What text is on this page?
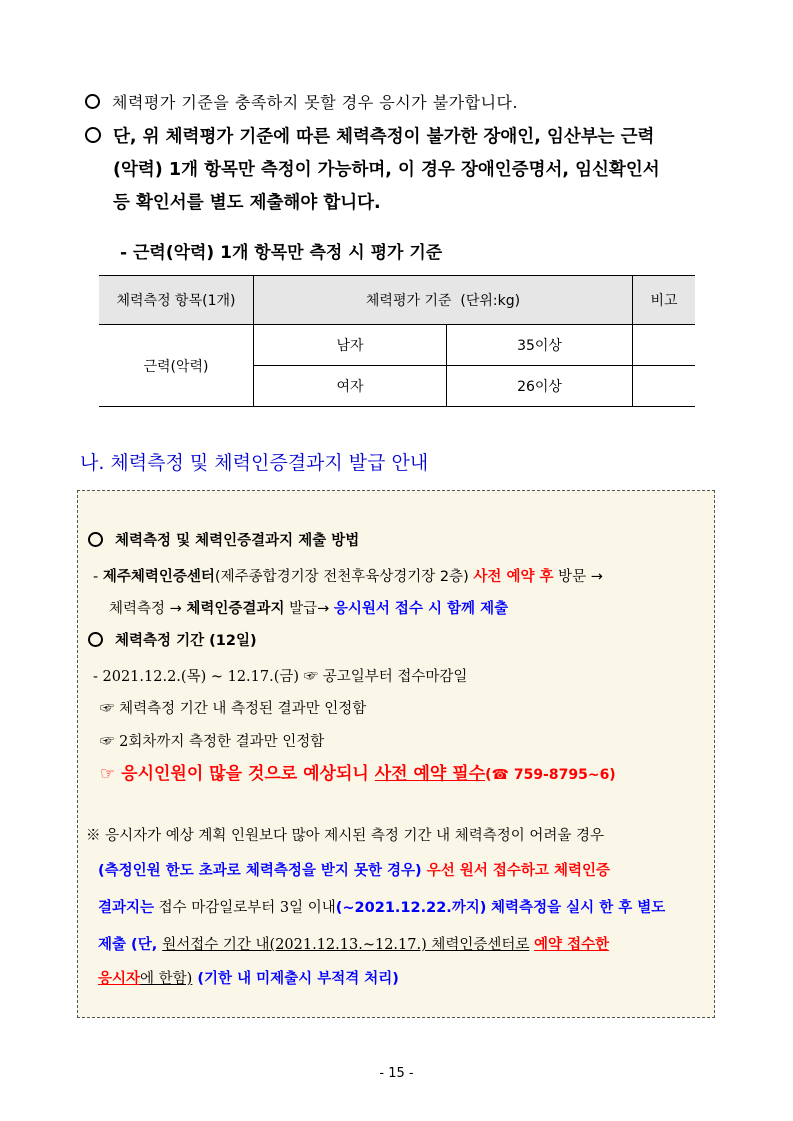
체력평가 기준을 충족하지 못할 경우 응시가 불가합니다.
단, 위 체력평가 기준에 따른 체력측정이 불가한 장애인, 임산부는 근력
(악력) 1개 항목만 측정이 가능하며, 이 경우 장애인증명서, 임신확인서
등 확인서를 별도 제출해야 합니다.
- 근력(악력) 1개 항목만 측정 시 평가 기준
체력측정 항목(1개)	체력평가 기준  (단위:kg)		비고
근력(악력)	남자	35이상	
	여자	26이상	
나. 체력측정 및 체력인증결과지 발급 안내
체력측정 및 체력인증결과지 제출 방법
- 제주체력인증센터(제주종합경기장 전천후육상경기장 2층) 사전 예약 후 방문 →
체력측정 → 체력인증결과지 발급→ 응시원서 접수 시 함께 제출
체력측정 기간 (12일)
- 2021.12.2.(목) ~ 12.17.(금) ☞ 공고일부터 접수마감일
☞ 체력측정 기간 내 측정된 결과만 인정함
☞ 2회차까지 측정한 결과만 인정함
☞ 응시인원이 많을 것으로 예상되니 사전 예약 필수(☎ 759-8795~6)
※ 응시자가 예상 계획 인원보다 많아 제시된 측정 기간 내 체력측정이 어려울 경우
(측정인원 한도 초과로 체력측정을 받지 못한 경우) 우선 원서 접수하고 체력인증
결과지는 접수 마감일로부터 3일 이내(~2021.12.22.까지) 체력측정을 실시 한 후 별도
제출 (단, 원서접수 기간 내(2021.12.13.~12.17.) 체력인증센터로 예약 접수한
응시자에 한함) (기한 내 미제출시 부적격 처리)
- 15 -
